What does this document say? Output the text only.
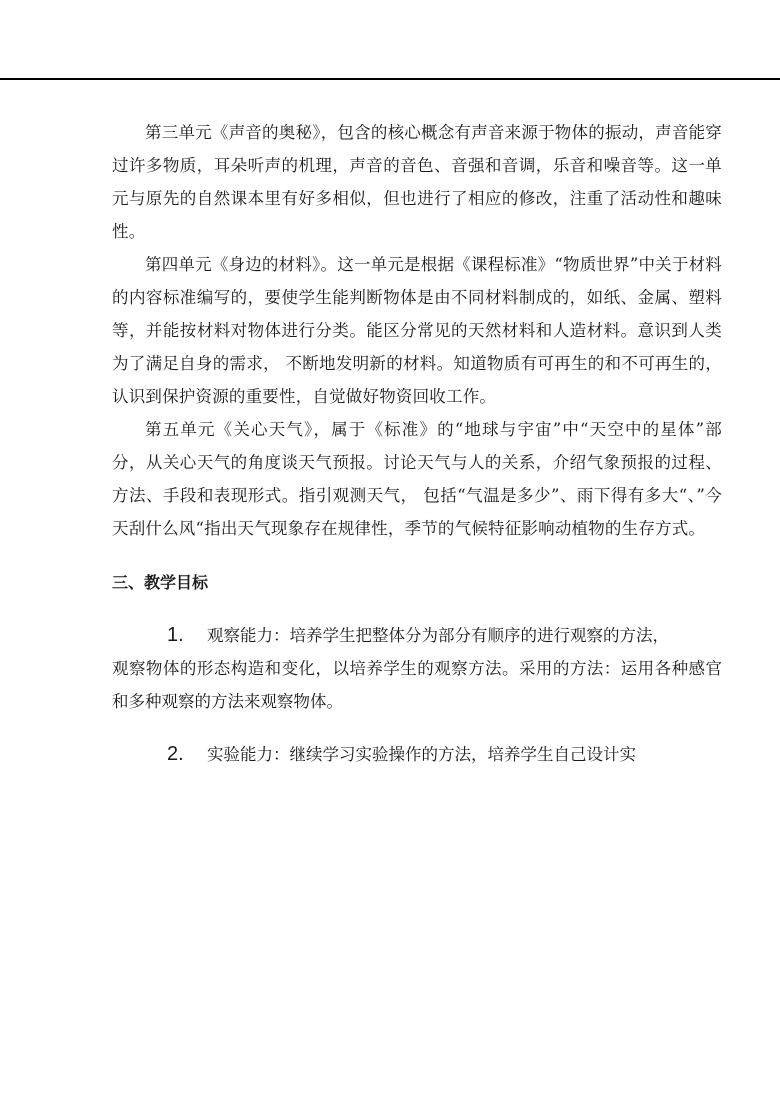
第三单元《声音的奥秘》，包含的核心概念有声音来源于物体的振动，声音能穿过许多物质，耳朵听声的机理，声音的音色、音强和音调，乐音和噪音等。这一单元与原先的自然课本里有好多相似，但也进行了相应的修改，注重了活动性和趣味性。

第四单元《身边的材料》。这一单元是根据《课程标准》“物质世界”中关于材料的内容标准编写的，要使学生能判断物体是由不同材料制成的，如纸、金属、塑料等，并能按材料对物体进行分类。能区分常见的天然材料和人造材料。意识到人类为了满足自身的需求， 不断地发明新的材料。知道物质有可再生的和不可再生的，认识到保护资源的重要性，自觉做好物资回收工作。

第五单元《关心天气》，属于《标准》的“地球与宇宙”中“天空中的星体”部分，从关心天气的角度谈天气预报。讨论天气与人的关系，介绍气象预报的过程、方法、手段和表现形式。指引观测天气， 包括“气温是多少”、雨下得有多大“、”今天刮什么风“指出天气现象存在规律性，季节的气候特征影响动植物的生存方式。

三、教学目标
1.	观察能力：培养学生把整体分为部分有顺序的进行观察的方法，

观察物体的形态构造和变化，以培养学生的观察方法。采用的方法：运用各种感官和多种观察的方法来观察物体。

2.	实验能力：继续学习实验操作的方法，培养学生自己设计实
